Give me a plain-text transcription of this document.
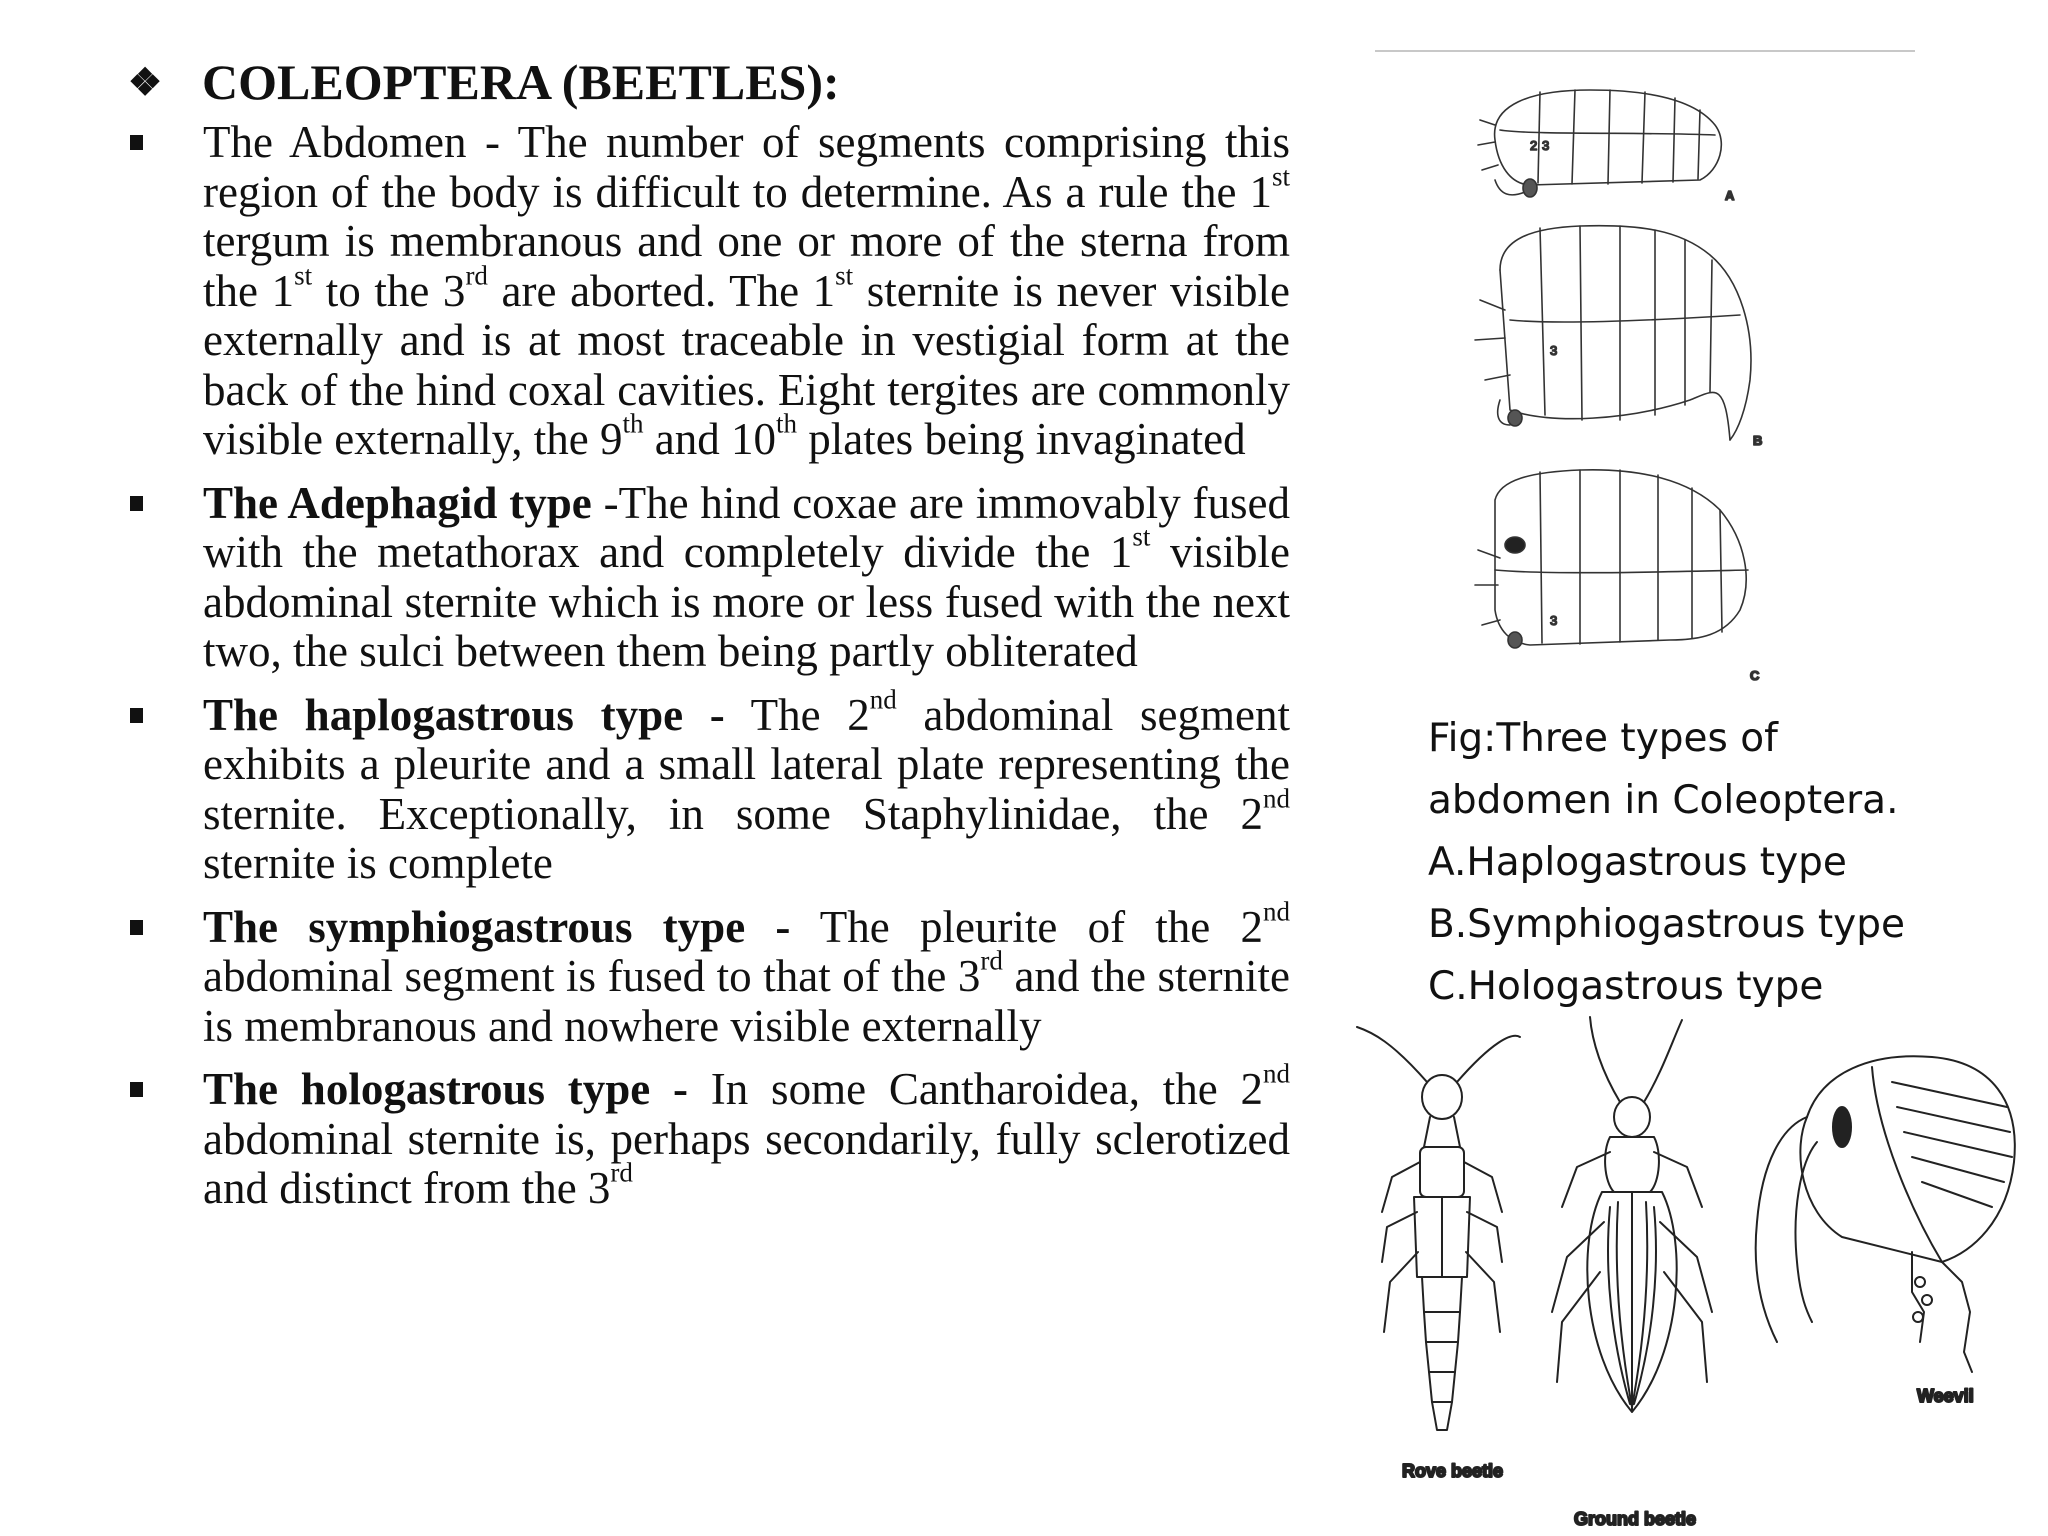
❖ COLEOPTERA (BEETLES):
The Abdomen - The number of segments comprising this region of the body is difficult to determine. As a rule the 1st tergum is membranous and one or more of the sterna from the 1st to the 3rd are aborted. The 1st sternite is never visible externally and is at most traceable in vestigial form at the back of the hind coxal cavities. Eight tergites are commonly visible externally, the 9th and 10th plates being invaginated
The Adephagid type -The hind coxae are immovably fused with the metathorax and completely divide the 1st visible abdominal sternite which is more or less fused with the next two, the sulci between them being partly obliterated
The haplogastrous type - The 2nd abdominal segment exhibits a pleurite and a small lateral plate representing the sternite. Exceptionally, in some Staphylinidae, the 2nd sternite is complete
The symphiogastrous type - The pleurite of the 2nd abdominal segment is fused to that of the 3rd and the sternite is membranous and nowhere visible externally
The hologastrous type - In some Cantharoidea, the 2nd abdominal sternite is, perhaps secondarily, fully sclerotized and distinct from the 3rd
2 3
A
3
B
3
C
Fig:Three types of
abdomen in Coleoptera.
A.Haplogastrous type
B.Symphiogastrous type
C.Hologastrous type
Rove beetle
Ground beetle
Weevil
